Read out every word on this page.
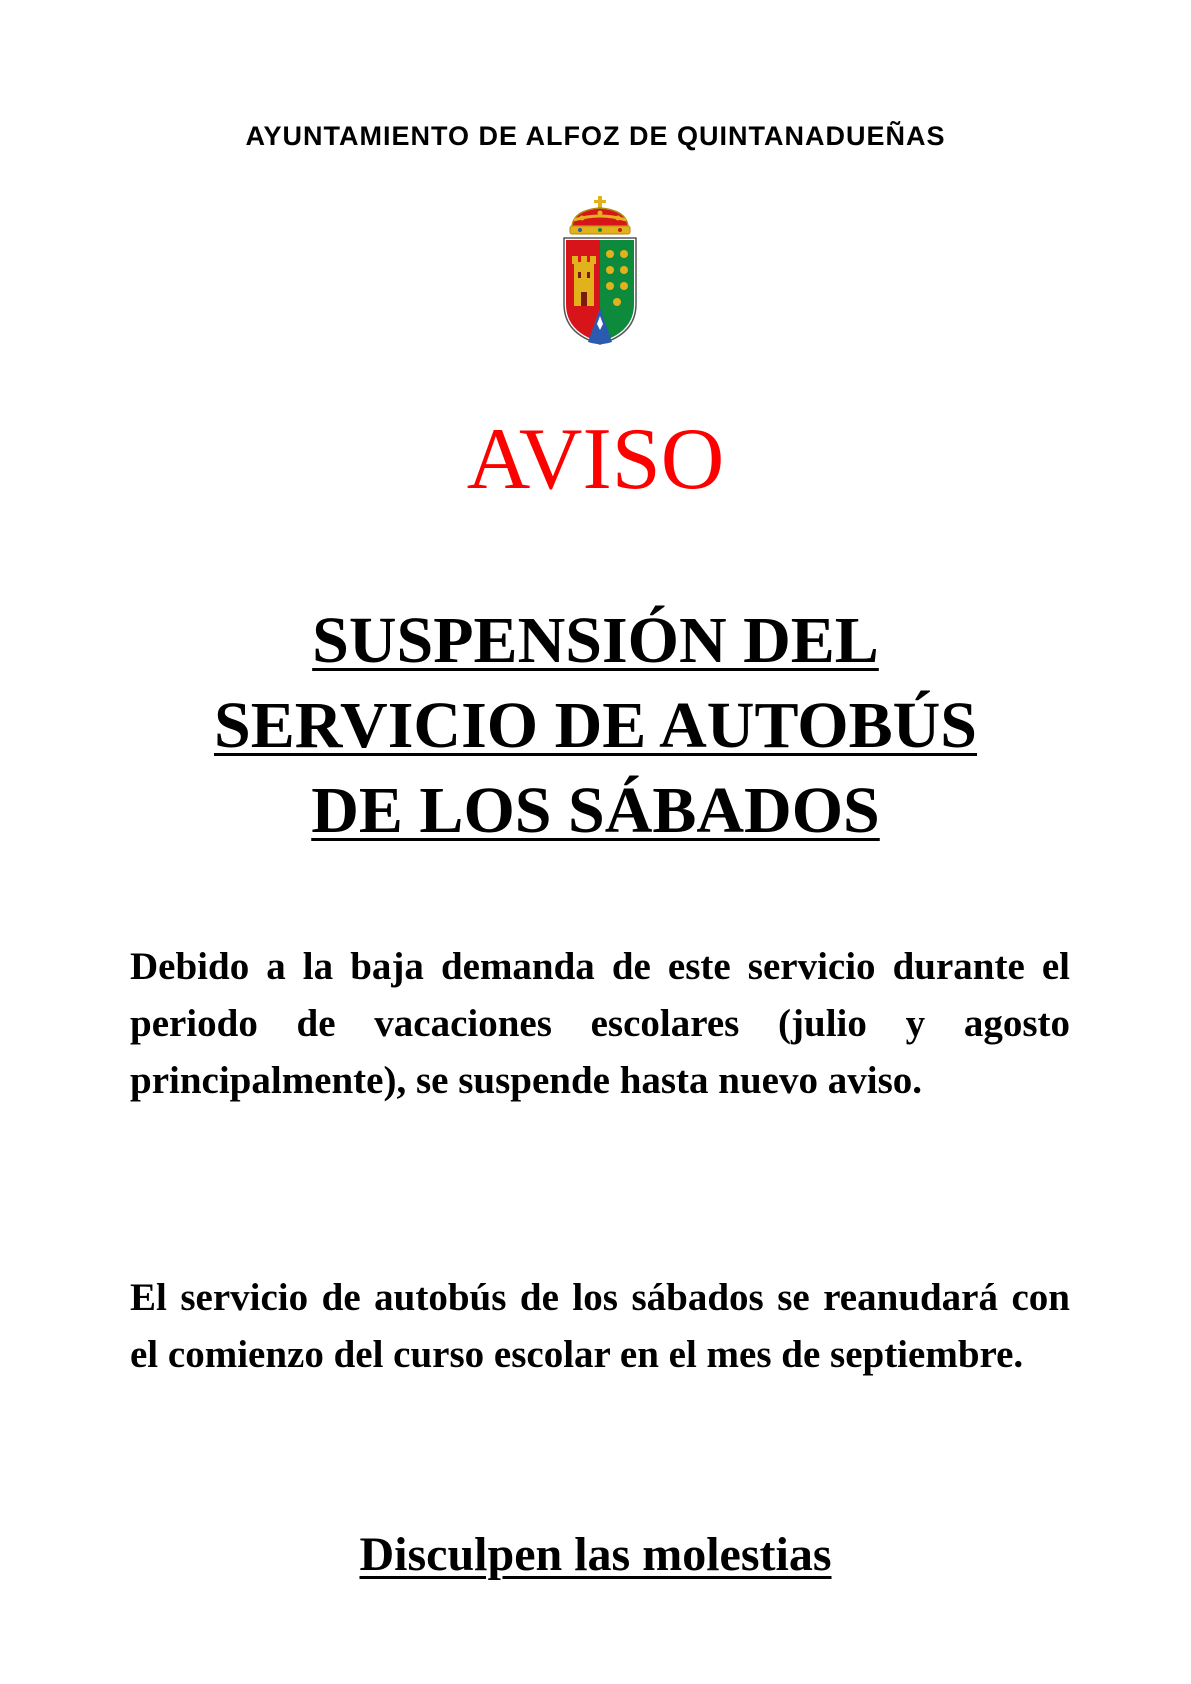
AYUNTAMIENTO DE ALFOZ DE QUINTANADUEÑAS
AVISO
SUSPENSIÓN DEL
SERVICIO DE AUTOBÚS
DE LOS SÁBADOS
Debido a la baja demanda de este servicio durante el periodo de vacaciones escolares (julio y agosto principalmente), se suspende hasta nuevo aviso.
El servicio de autobús de los sábados se reanudará con el comienzo del curso escolar en el mes de septiembre.
Disculpen las molestias
